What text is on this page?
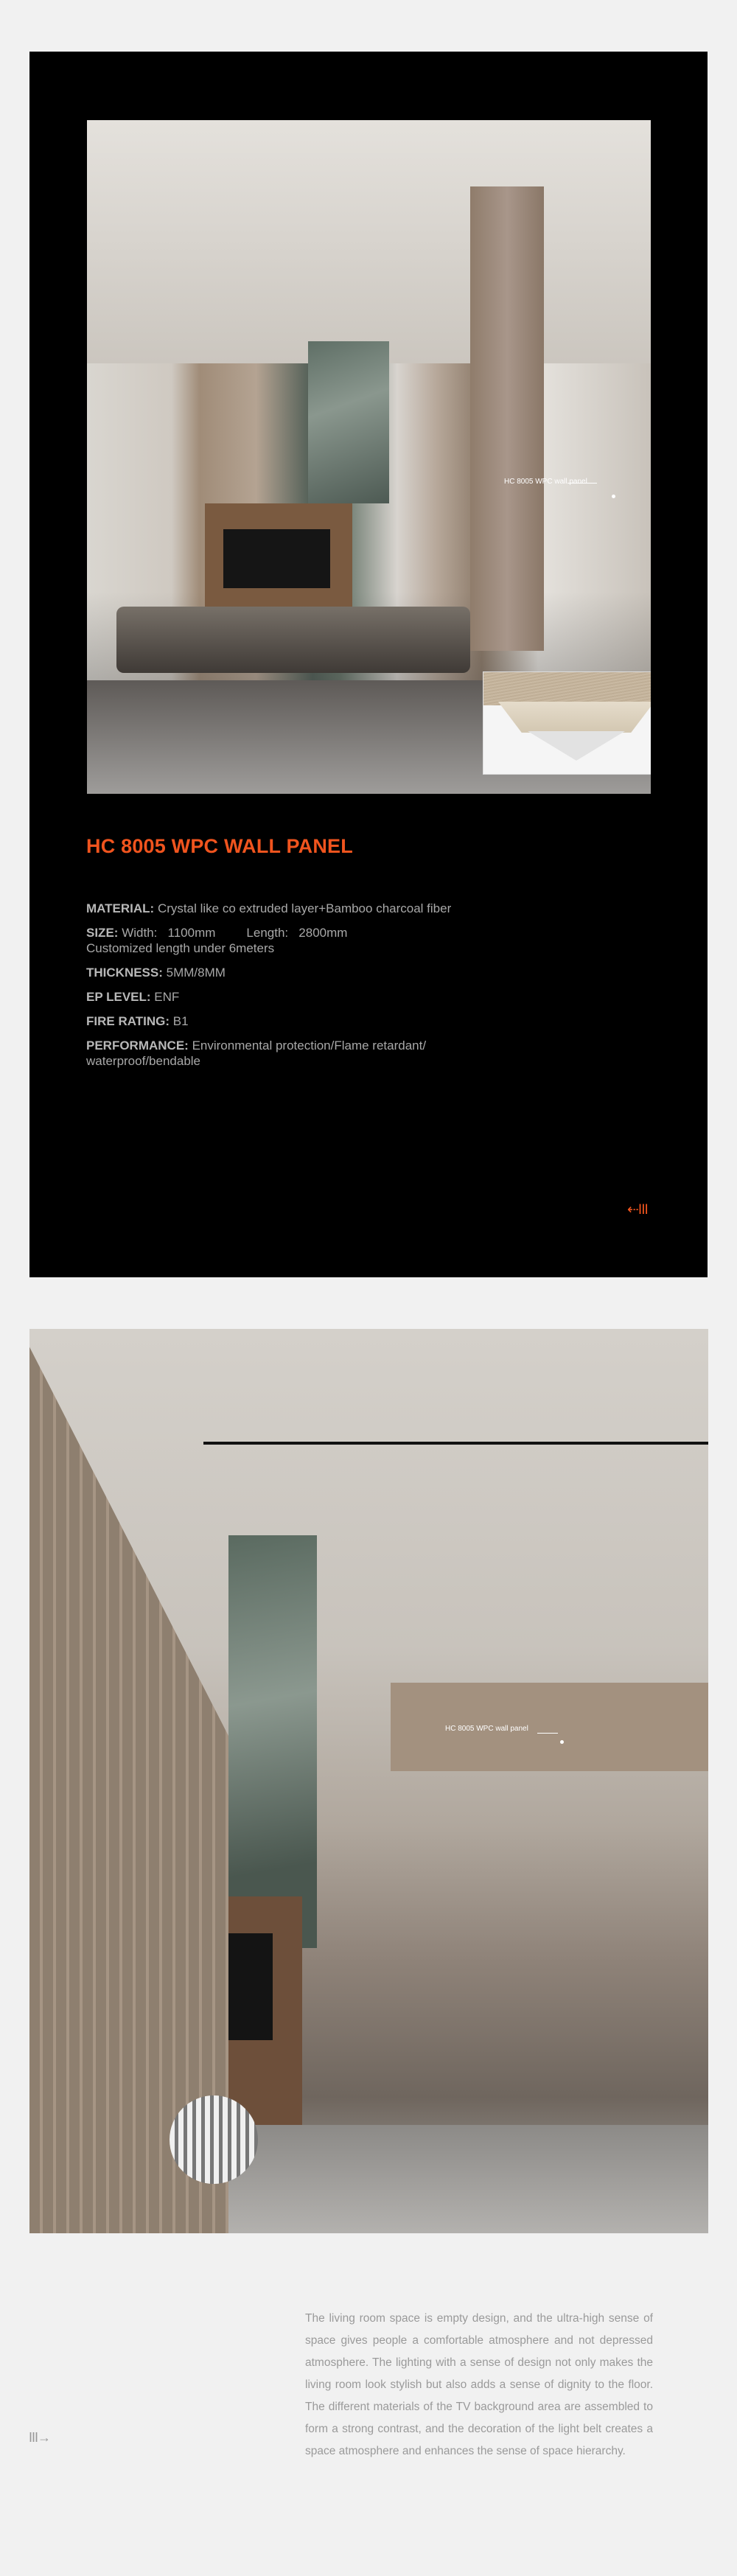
HC 8005 WPC wall panel
HC 8005 WPC WALL PANEL
MATERIAL: Crystal like co extruded layer+Bamboo charcoal fiber
SIZE: Width:   1100mm Length:   2800mm
Customized length under 6meters
THICKNESS: 5MM/8MM
EP LEVEL: ENF
FIRE RATING: B1
PERFORMANCE: Environmental protection/Flame retardant/ waterproof/bendable
⇠III
HC 8005 WPC wall panel

The living room space is empty design, and the ultra-high sense of space gives people a comfortable atmosphere and not depressed atmosphere. The lighting with a sense of design not only makes the living room look stylish but also adds a sense of dignity to the floor. The different materials of the TV background area are assembled to form a strong contrast, and the decoration of the light belt creates a space atmosphere and enhances the sense of space hierarchy.

III→
